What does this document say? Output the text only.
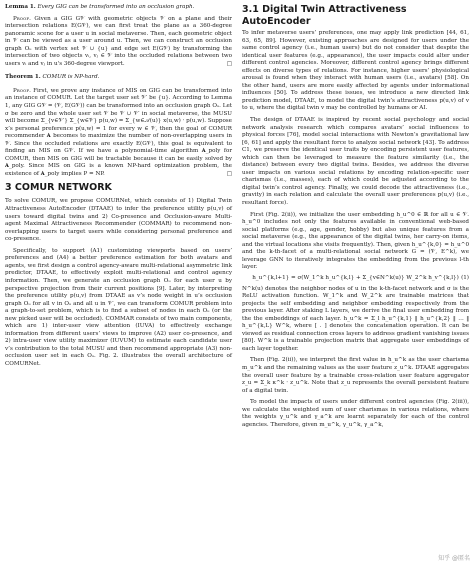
Lemma 1. Every GIG can be transformed into an occlusion graph.

Proof. Given a GIG G𝒱 with geometric objects 𝒱 on a plane and their intersection relations E(G𝒱), we can first treat the plane as a 360-degree panoramic scene for a user u in social metaverse. Then, each geometric object in 𝒱 can be viewed as a user around u. Then, we can construct an occlusion graph Oᵤ with vertex set 𝒱 ∪ {u} and edge set E(G𝒱) by transforming the intersection of two objects vᵢ, vⱼ ∈ 𝒱 into the occluded relations between two users vᵢ and vⱼ in u's 360-degree viewport.	□

Theorem 1. COMUR is NP-hard.

Proof. First, we prove any instance of MIS on GIG can be transformed into an instance of COMUR. Let the target user set 𝒱′ be {u}. According to Lemma 1, any GIG G𝒱 = (𝒱, E(G𝒱)) can be transformed into an occlusion graph Oᵤ. Let σ be zero and the whole user set 𝒱 be 𝒱 ∪ 𝒱′ in social metaverse, the MUSU will become Σ_{v∈𝒱′} Σ_{w∈𝒱} p(u,w) = Σ_{w∈𝒜(u)} x(u,w) · p(u,w). Suppose x’s personal preference p(u,w) = 1 for every w ∈ 𝒱, then the goal of COMUR recommender 𝐀 becomes to maximize the number of non-overlapping users in 𝒱. Since the occluded relations are exactly E(G𝒱), this goal is equivalent to finding an MIS on G𝒱. If we have a polynomial-time algorithm 𝐀_poly for COMUR, then MIS on GIG will be tractable because it can be easily solved by 𝐀_poly. Since MIS on GIG is a known NP-hard optimization problem, the existence of 𝐀_poly implies P = NP.	□

3 COMUR NETWORK

To solve COMUR, we propose COMURNet, which consists of 1) Digital Twin Attractiveness AutoEncoder (DTAAE) to infer the preference utility p(u,v) of users toward digital twins and 2) Co-presence and Occlusion-aware Multi-agent Maximal Attractiveness Recommender (COMMAR) to recommend non-overlapping users to target users while considering personal preference and co-presence.

Specifically, to support (A1) customizing viewports based on users’ preferences and (A4) a better preference estimation for both avatars and agents, we first design a control agency-aware multi-relational asymmetric link predictor, DTAAE, to effectively exploit multi-relational and control agency information. Then, we generate an occlusion graph Oᵤ for each user u by perspective projection from their current positions [9]. Later, by interpreting the preference utility p(u,v) from DTAAE as v’s node weight in u’s occlusion graph Oᵤ for all v in Oᵤ and all u in 𝒱′, we can transform COMUR problem into a graph-to-set problem, which is to find a subset of nodes in each Oᵤ (or the new picked user will be occluded). COMMAR consists of two main components, which are 1) inter-user view attention (IUVA) to effectively exchange information from different users’ views to improve (A2) user co-presence, and 2) intra-user view utility maximizer (IUVUM) to estimate each candidate user v’s contribution to the total MUSU and then recommend appropriate (A3) non-occlusion user set in each Oᵤ. Fig. 2. illustrates the overall architecture of COMURNet.

3.1 Digital Twin Attractiveness AutoEncoder

To infer metaverse users’ preferences, one may apply link prediction [44, 61, 63, 65, 89]. However, existing approaches are designed for users under the same control agency (i.e., human users) but do not consider that despite the identical user features (e.g., appearance), the user impacts could alter under different control agencies. Moreover, different control agency brings different effects on diverse types of relations. For instance, higher users’ physiological arousal is found when they interact with human users (i.e., avatars) [58]. On the other hand, users are more easily affected by agents under informational influences [50]. To address these issues, we introduce a new directed link prediction model, DTAAE, to model the digital twin’s attractiveness p(u,v) of v to u, where the digital twin v may be controlled by humans or AI.

The design of DTAAE is inspired by recent social psychology and social network analysis research which compares avatars’ social influences to physical forces [76], model social interactions with Newton’s gravitational law [6, 61] and apply the resultant force to analyze social network [43]. To address C1, we preserve the identical user traits by encoding persistent user features, which can then be leveraged to measure the feature similarity (i.e., the distance) between every two digital twins. Besides, we address the diverse user impacts on various social relations by encoding relation-specific user charismas (i.e., masses), each of which could be adjusted according to the digital twin’s control agency. Finally, we could decode the attractiveness (i.e., gravity) in each relation and calculate the overall user preferences p(u,v) (i.e., resultant force).

First (Fig. 2(ii)), we initialize the user embedding h_u^0 ∈ ℝ for all u ∈ 𝒱. h_u^0 includes not only the features available in conventional web-based social platforms (e.g., age, gender, hobby) but also unique features from a social metaverse (e.g., the appearance of the digital twins, her carry-on items, and the virtual locations she visits frequently). Then, given h_u^{k,0} = h_u^0 and the k-th-facet of a multi-relational social network G = (𝒱, E^k), we leverage GNN to iteratively integrates the embedding from the previous l-th layer.

h_u^{k,l+1} = σ(W_1^k h_u^{k,l} + Σ_{v∈N^k(u)} W_2^k h_v^{k,l}) (1)

N^k(u) denotes the neighbor nodes of u in the k-th-facet network and σ is the ReLU activation function. W_1^k and W_2^k are trainable matrices that projects the self embedding and neighbor embedding respectively from the previous layer. After staking L layers, we derive the final user embedding from the the embeddings of each layer. h_u^k = Σ_l h_u^{k,1} ‖ h_u^{k,2} ‖ … ‖ h_u^{k,L} W^k, where [ . ] denotes the concatenation operation. It can be viewed as residual connection cross layers to address gradient vanishing issues [80]. W^k is a trainable projection matrix that aggregate user embeddings of each layer together.

Then (Fig. 2(ii)), we interpret the first value in h_u^k as the user charisma m_u^k and the remaining values as the user feature z_u^k. DTAAE aggregates the overall user feature by a trainable cross-relation user feature aggregator z_u = Σ_k κ^k · z_u^k. Note that z_u represents the overall persistent feature of a digital twin.

To model the impacts of users under different control agencies (Fig. 2(iii)), we calculate the weighted sum of user charismas in various relations, where the weights γ_u^k and γ_a^k are learnt separately for each of the control agencies. Therefore, given m_u^k, γ_u^k, γ_a^k,

知乎 @匿名
